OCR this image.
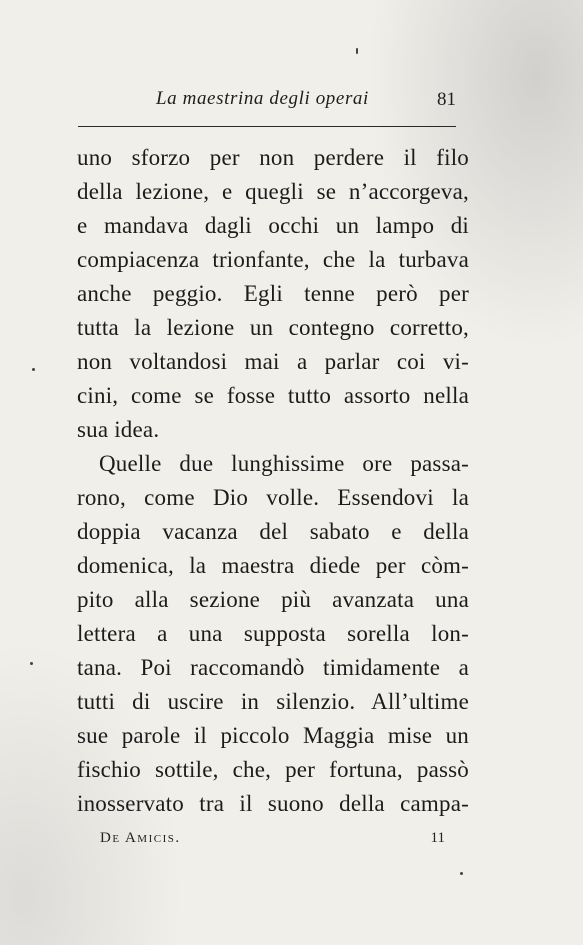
La maestrina degli operai	81
uno sforzo per non perdere il filo
della lezione, e quegli se n’accorgeva,
e mandava dagli occhi un lampo di
compiacenza trionfante, che la turbava
anche peggio. Egli tenne però per
tutta la lezione un contegno corretto,
non voltandosi mai a parlar coi vi-
cini, come se fosse tutto assorto nella
sua idea.
Quelle due lunghissime ore passa-
rono, come Dio volle. Essendovi la
doppia vacanza del sabato e della
domenica, la maestra diede per còm-
pito alla sezione più avanzata una
lettera a una supposta sorella lon-
tana. Poi raccomandò timidamente a
tutti di uscire in silenzio. All’ultime
sue parole il piccolo Maggia mise un
fischio sottile, che, per fortuna, passò
inosservato tra il suono della campa-
De Amicis.	11
